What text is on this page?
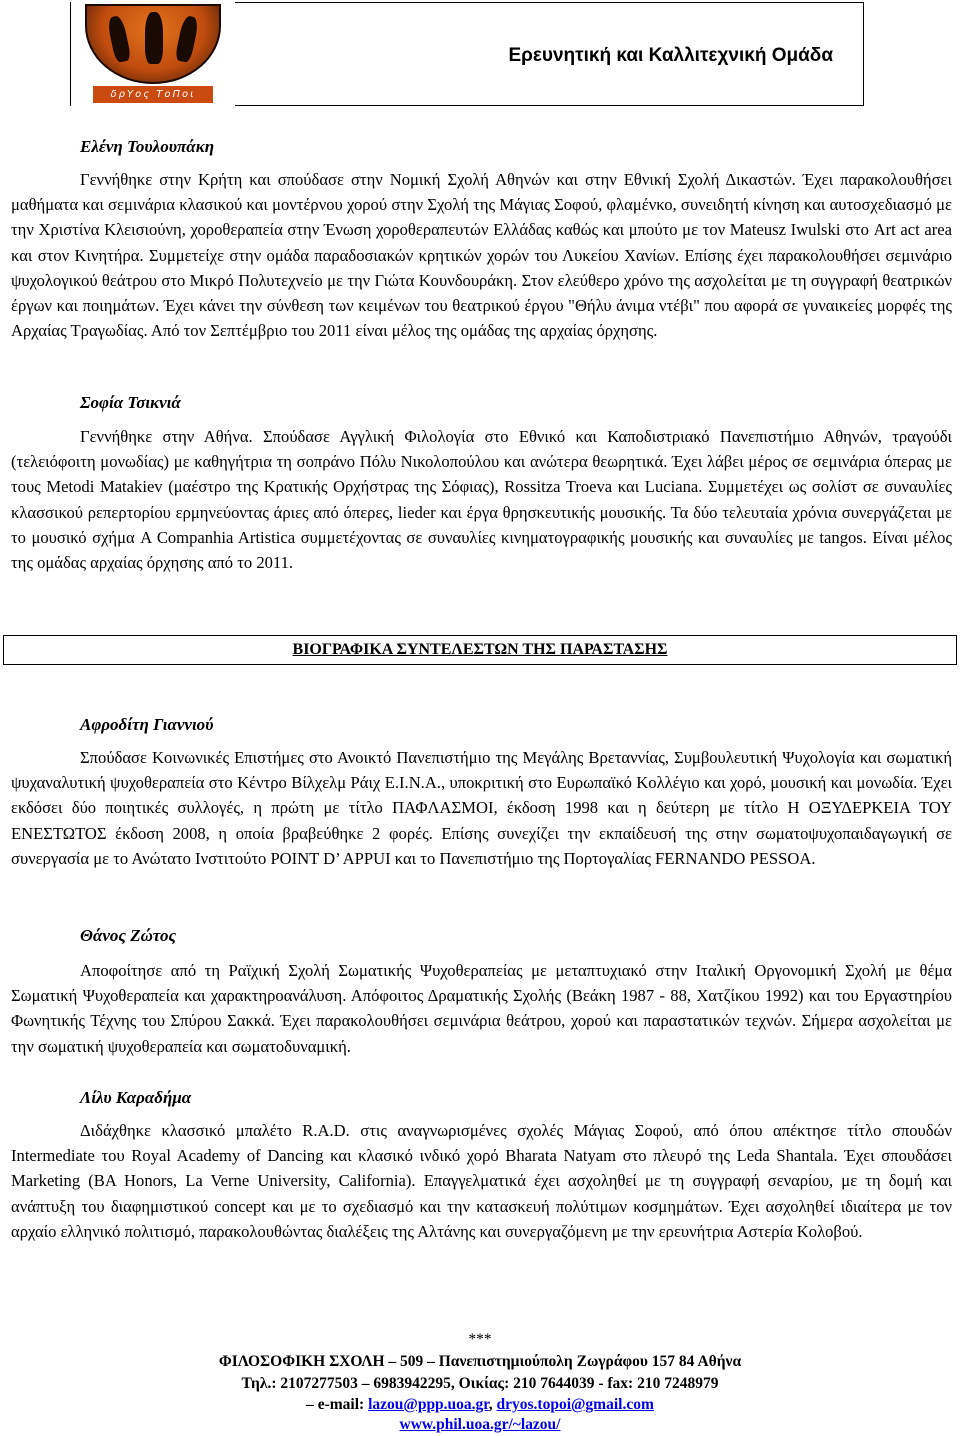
δρΥος ΤοΠοι
Ερευνητική και Καλλιτεχνική Ομάδα
Ελένη Τουλουπάκη

Γεννήθηκε στην Κρήτη και σπούδασε στην Νομική Σχολή Αθηνών και στην Εθνική Σχολή Δικαστών. Έχει παρακολουθήσει μαθήματα και σεμινάρια κλασικού και μοντέρνου χορού στην Σχολή της Μάγιας Σοφού, φλαμένκο, συνειδητή κίνηση και αυτοσχεδιασμό με την Χριστίνα Κλεισιούνη, χοροθεραπεία στην Ένωση χοροθεραπευτών Ελλάδας καθώς και μπούτο με τον Mateusz Iwulski στο Art act area και στον Κινητήρα. Συμμετείχε στην ομάδα παραδοσιακών κρητικών χορών του Λυκείου Χανίων. Επίσης έχει παρακολουθήσει σεμινάριο ψυχολογικού θεάτρου στο Μικρό Πολυτεχνείο με την Γιώτα Κουνδουράκη. Στον ελεύθερο χρόνο της ασχολείται με τη συγγραφή θεατρικών έργων και ποιημάτων. Έχει κάνει την σύνθεση των κειμένων του θεατρικού έργου "Θήλυ άνιμα ντέβι" που αφορά σε γυναικείες μορφές της Αρχαίας Τραγωδίας. Από τον Σεπτέμβριο του 2011 είναι μέλος της ομάδας της αρχαίας όρχησης.

Σοφία Τσικνιά

Γεννήθηκε στην Αθήνα. Σπούδασε Αγγλική Φιλολογία στο Εθνικό και Καποδιστριακό Πανεπιστήμιο Αθηνών, τραγούδι (τελειόφοιτη μονωδίας) με καθηγήτρια τη σοπράνο Πόλυ Νικολοπούλου και ανώτερα θεωρητικά. Έχει λάβει μέρος σε σεμινάρια όπερας με τους Metodi Matakiev (μαέστρο της Κρατικής Ορχήστρας της Σόφιας), Rossitza Troeva και Luciana. Συμμετέχει ως σολίστ σε συναυλίες κλασσικού ρεπερτορίου ερμηνεύοντας άριες από όπερες, lieder και έργα θρησκευτικής μουσικής. Τα δύο τελευταία χρόνια συνεργάζεται με το μουσικό σχήμα A Companhia Artistica συμμετέχοντας σε συναυλίες κινηματογραφικής μουσικής και συναυλίες με tangos. Είναι μέλος της ομάδας αρχαίας όρχησης από το 2011.

ΒΙΟΓΡΑΦΙΚΑ ΣΥΝΤΕΛΕΣΤΩΝ ΤΗΣ ΠΑΡΑΣΤΑΣΗΣ
Αφροδίτη Γιαννιού

Σπούδασε Κοινωνικές Επιστήμες στο Ανοικτό Πανεπιστήμιο της Μεγάλης Βρεταννίας, Συμβουλευτική Ψυχολογία και σωματική ψυχαναλυτική ψυχοθεραπεία στο Κέντρο Βίλχελμ Ράιχ Ε.Ι.Ν.Α., υποκριτική στο Ευρωπαϊκό Κολλέγιο και χορό, μουσική και μονωδία. Έχει εκδόσει δύο ποιητικές συλλογές, η πρώτη με τίτλο ΠΑΦΛΑΣΜΟΙ, έκδοση 1998 και η δεύτερη με τίτλο Η ΟΞΥΔΕΡΚΕΙΑ ΤΟΥ ΕΝΕΣΤΩΤΟΣ έκδοση 2008, η οποία βραβεύθηκε 2 φορές. Επίσης συνεχίζει την εκπαίδευσή της στην σωματοψυχοπαιδαγωγική σε συνεργασία με το Ανώτατο Ινστιτούτο POINT D’ APPUI και το Πανεπιστήμιο της Πορτογαλίας FERNANDO PESSOA.

Θάνος Ζώτος

Αποφοίτησε από τη Ραϊχική Σχολή Σωματικής Ψυχοθεραπείας με μεταπτυχιακό στην Ιταλική Οργονομική Σχολή με θέμα Σωματική Ψυχοθεραπεία και χαρακτηρoανάλυση. Απόφοιτος Δραματικής Σχολής (Βεάκη 1987 - 88, Χατζίκου 1992) και του Εργαστηρίου Φωνητικής Τέχνης του Σπύρου Σακκά. Έχει παρακολουθήσει σεμινάρια θεάτρου, χορού και παραστατικών τεχνών. Σήμερα ασχολείται με την σωματική ψυχοθεραπεία και σωματοδυναμική.

Λίλυ Καραδήμα

Διδάχθηκε κλασσικό μπαλέτο R.A.D. στις αναγνωρισμένες σχολές Μάγιας Σοφού, από όπου απέκτησε τίτλο σπουδών Intermediate του Royal Academy of Dancing και κλασικό ινδικό χορό Bharata Natyam στο πλευρό της Leda Shantala. Έχει σπουδάσει Marketing (BA Honors, La Verne University, California). Επαγγελματικά έχει ασχοληθεί με τη συγγραφή σεναρίου, με τη δομή και ανάπτυξη του διαφημιστικού concept και με το σχεδιασμό και την κατασκευή πολύτιμων κοσμημάτων. Έχει ασχοληθεί ιδιαίτερα με τον αρχαίο ελληνικό πολιτισμό, παρακολουθώντας διαλέξεις της Αλτάνης και συνεργαζόμενη με την ερευνήτρια Αστερία Κολοβού.

***
ΦΙΛΟΣΟΦΙΚΗ ΣΧΟΛΗ – 509 – Πανεπιστημιούπολη Ζωγράφου 157 84 Αθήνα
Τηλ.: 2107277503 – 6983942295, Οικίας: 210 7644039 - fax: 210 7248979
– e-mail: lazou@ppp.uoa.gr, dryos.topoi@gmail.com
www.phil.uoa.gr/~lazou/
